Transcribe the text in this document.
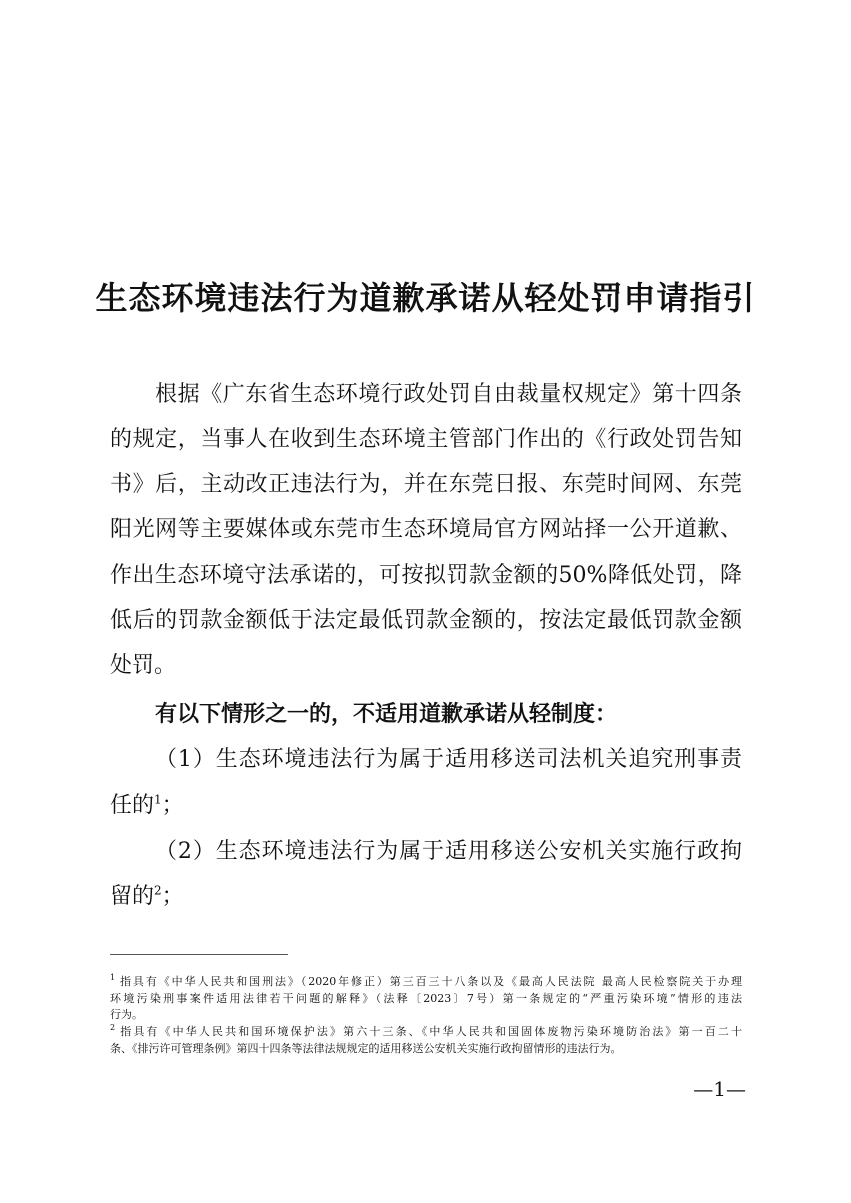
生态环境违法行为道歉承诺从轻处罚申请指引
根据《广东省生态环境行政处罚自由裁量权规定》第十四条
的规定，当事人在收到生态环境主管部门作出的《行政处罚告知
书》后，主动改正违法行为，并在东莞日报、东莞时间网、东莞
阳光网等主要媒体或东莞市生态环境局官方网站择一公开道歉、
作出生态环境守法承诺的，可按拟罚款金额的50%降低处罚，降
低后的罚款金额低于法定最低罚款金额的，按法定最低罚款金额
处罚。
有以下情形之一的，不适用道歉承诺从轻制度：
（1）生态环境违法行为属于适用移送司法机关追究刑事责
任的$^1$；
（2）生态环境违法行为属于适用移送公安机关实施行政拘
留的$^2$；
$^1$ 指具有《中华人民共和国刑法》（2020年修正）第三百三十八条以及《最高人民法院 最高人民检察院关于办理
环境污染刑事案件适用法律若干问题的解释》（法释〔2023〕7号）第一条规定的“严重污染环境”情形的违法
行为。
$^2$ 指具有《中华人民共和国环境保护法》第六十三条、《中华人民共和国固体废物污染环境防治法》第一百二十
条、《排污许可管理条例》第四十四条等法律法规规定的适用移送公安机关实施行政拘留情形的违法行为。
—1—
